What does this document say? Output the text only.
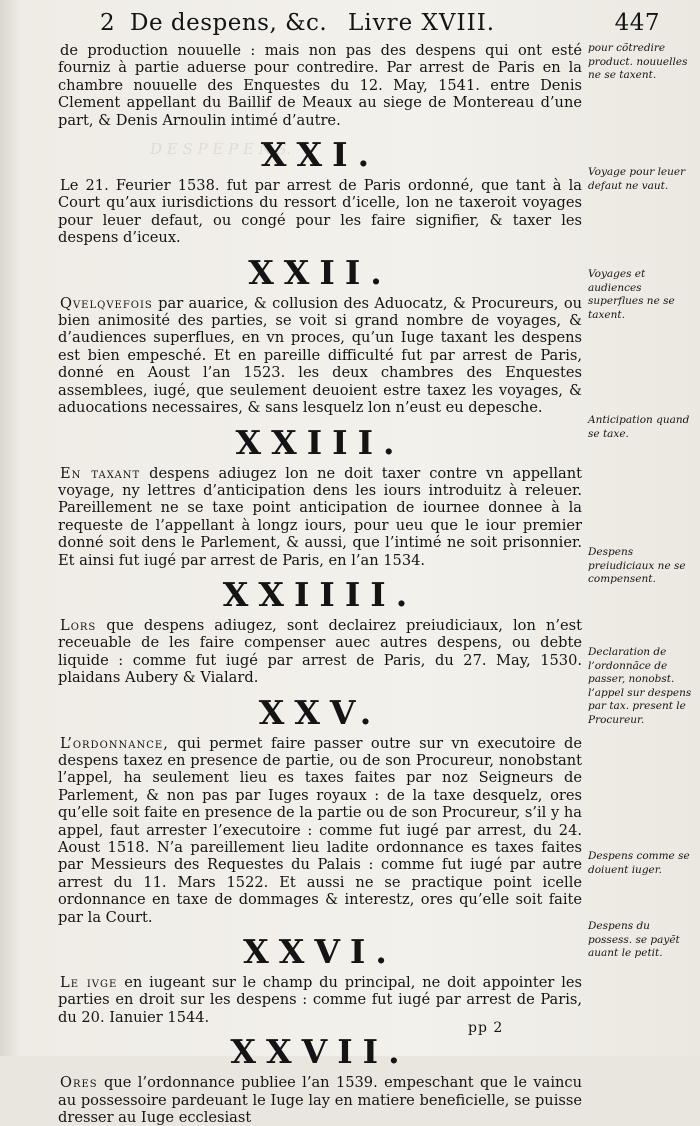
D E S P E P E N S.
2 De despens, &c. Livre XVIII.	447

de production nouuelle : mais non pas des despens qui ont esté fourniz à partie aduerse pour contredire. Par arrest de Paris en la chambre nouuelle des Enquestes du 12. May, 1541. entre Denis Clement appellant du Baillif de Meaux au siege de Montereau d’une part, & Denis Arnoulin intimé d’autre.

XXI.

Le 21. Feurier 1538. fut par arrest de Paris ordonné, que tant à la Court qu’aux iurisdictions du ressort d’icelle, lon ne taxeroit voyages pour leuer defaut, ou congé pour les faire signifier, & taxer les despens d’iceux.

XXII.

Qvelqvefois par auarice, & collusion des Aduocatz, & Procureurs, ou bien animosité des parties, se voit si grand nombre de voyages, & d’audiences superflues, en vn proces, qu’un Iuge taxant les despens est bien empesché. Et en pareille difficulté fut par arrest de Paris, donné en Aoust l’an 1523. les deux chambres des Enquestes assemblees, iugé, que seulement deuoient estre taxez les voyages, & aduocations necessaires, & sans lesquelz lon n’eust eu depesche.

XXIII.

En taxant despens adiugez lon ne doit taxer contre vn appellant voyage, ny lettres d’anticipation dens les iours introduitz à releuer. Pareillement ne se taxe point anticipation de iournee donnee à la requeste de l’appellant à longz iours, pour ueu que le iour premier donné soit dens le Parlement, & aussi, que l’intimé ne soit prisonnier. Et ainsi fut iugé par arrest de Paris, en l’an 1534.

XXIIII.

Lors que despens adiugez, sont declairez preiudiciaux, lon n’est receuable de les faire compenser auec autres despens, ou debte liquide : comme fut iugé par arrest de Paris, du 27. May, 1530. plaidans Aubery & Vialard.

XXV.

L’ordonnance, qui permet faire passer outre sur vn executoire de despens taxez en presence de partie, ou de son Procureur, nonobstant l’appel, ha seulement lieu es taxes faites par noz Seigneurs de Parlement, & non pas par Iuges royaux : de la taxe desquelz, ores qu’elle soit faite en presence de la partie ou de son Procureur, s’il y ha appel, faut arrester l’executoire : comme fut iugé par arrest, du 24. Aoust 1518. N’a pareillement lieu ladite ordonnance es taxes faites par Messieurs des Requestes du Palais : comme fut iugé par autre arrest du 11. Mars 1522. Et aussi ne se practique point icelle ordonnance en taxe de dommages & interestz, ores qu’elle soit faite par la Court.

XXVI.

Le ivge en iugeant sur le champ du principal, ne doit appointer les parties en droit sur les despens : comme fut iugé par arrest de Paris, du 20. Ianuier 1544.

XXVII.

Ores que l’ordonnance publiee l’an 1539. empeschant que le vaincu au possessoire pardeuant le Iuge lay en matiere beneficielle, se puisse dresser au Iuge ecclesiast

pour cõtredire product. nouuelles ne se taxent.
Voyage pour leuer defaut ne vaut.
Voyages et audiences superflues ne se taxent.
Anticipation quand se taxe.
Despens preiudiciaux ne se compensent.
Declaration de l’ordonnãce de passer, nonobst. l’appel sur despens par tax. present le Procureur.
Despens comme se doiuent iuger.
Despens du possess. se payẽt auant le petit.
pp 2
